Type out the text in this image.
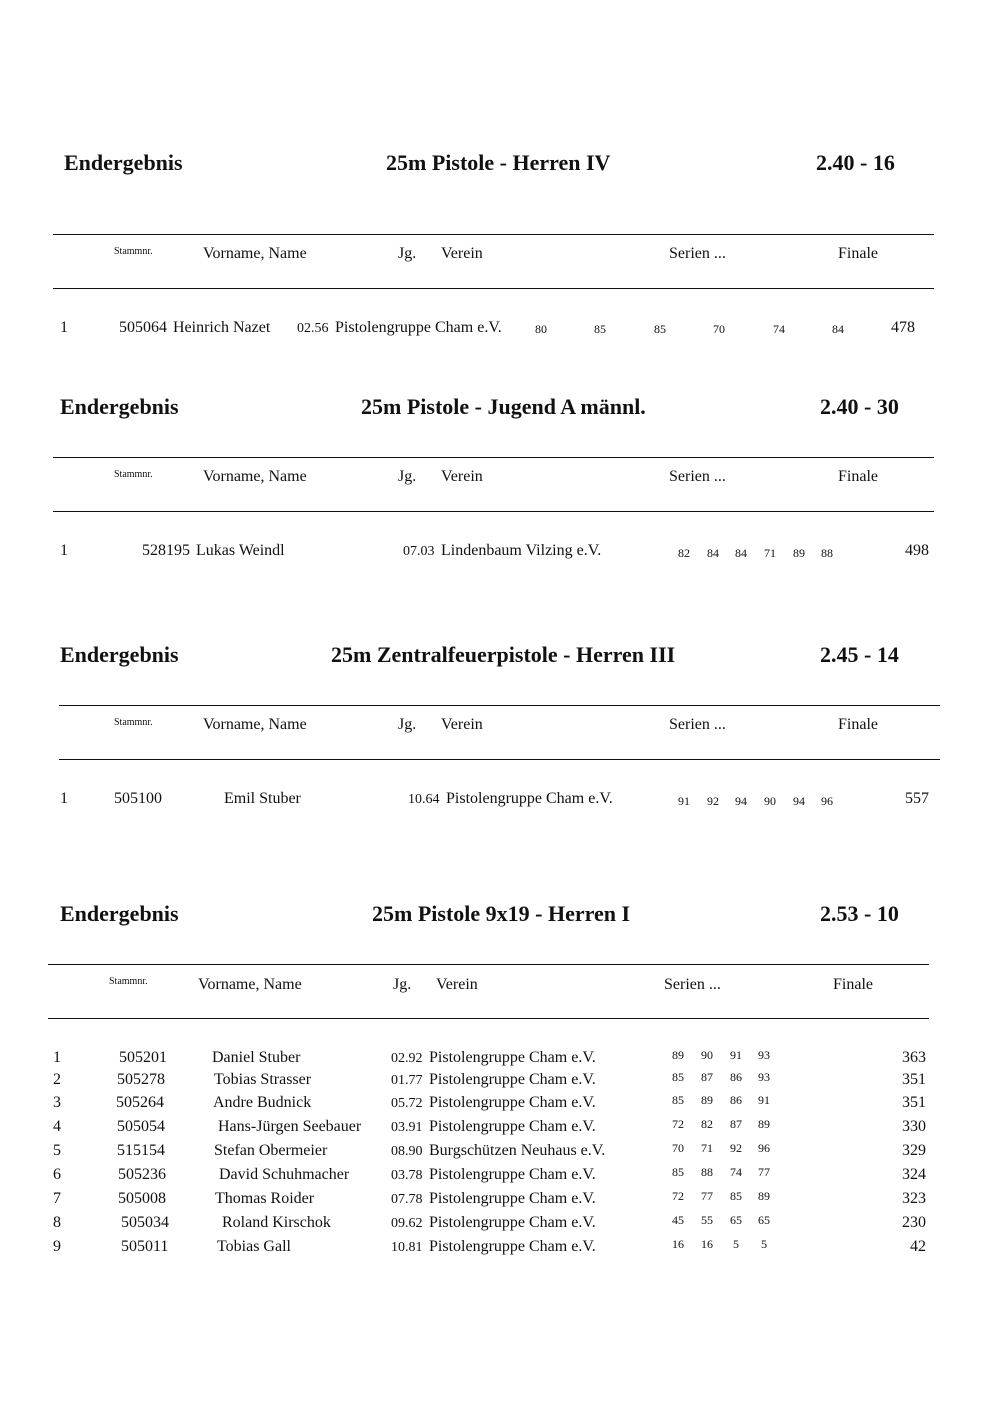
Endergebnis	25m Pistole - Herren IV	2.40 - 16
Stammnr.	Vorname, Name	Jg. Verein	Serien ...	Finale
1	505064 Heinrich Nazet 02.56 Pistolengruppe Cham e.V.	80	85	85	70	74	84	478
Endergebnis	25m Pistole - Jugend A männl.	2.40 - 30
Stammnr.	Vorname, Name	Jg. Verein	Serien ...	Finale
1	528195 Lukas Weindl	07.03 Lindenbaum Vilzing e.V.	82 84 84 71 89 88	498
Endergebnis	25m Zentralfeuerpistole - Herren III	2.45 - 14
Stammnr.	Vorname, Name	Jg. Verein	Serien ...	Finale
1	505100	Emil Stuber	10.64 Pistolengruppe Cham e.V.	91 92 94 90 94 96	557
Endergebnis	25m Pistole 9x19 - Herren I	2.53 - 10
Stammnr.	Vorname, Name	Jg. Verein	Serien ...	Finale
1	505201	Daniel Stuber	02.92 Pistolengruppe Cham e.V.	89 90 91 93	363
2	505278	Tobias Strasser	01.77 Pistolengruppe Cham e.V.	85 87 86 93	351
3	505264	Andre Budnick	05.72 Pistolengruppe Cham e.V.	85 89 86 91	351
4	505054	Hans-Jürgen Seebauer 03.91 Pistolengruppe Cham e.V.	72 82 87 89	330
5	515154	Stefan Obermeier	08.90 Burgschützen Neuhaus e.V.	70 71 92 96	329
6	505236	David Schuhmacher	03.78 Pistolengruppe Cham e.V.	85 88 74 77	324
7	505008	Thomas Roider	07.78 Pistolengruppe Cham e.V.	72 77 85 89	323
8	505034	Roland Kirschok	09.62 Pistolengruppe Cham e.V.	45 55 65 65	230
9	505011	Tobias Gall	10.81 Pistolengruppe Cham e.V.	16 16 5 5	42
